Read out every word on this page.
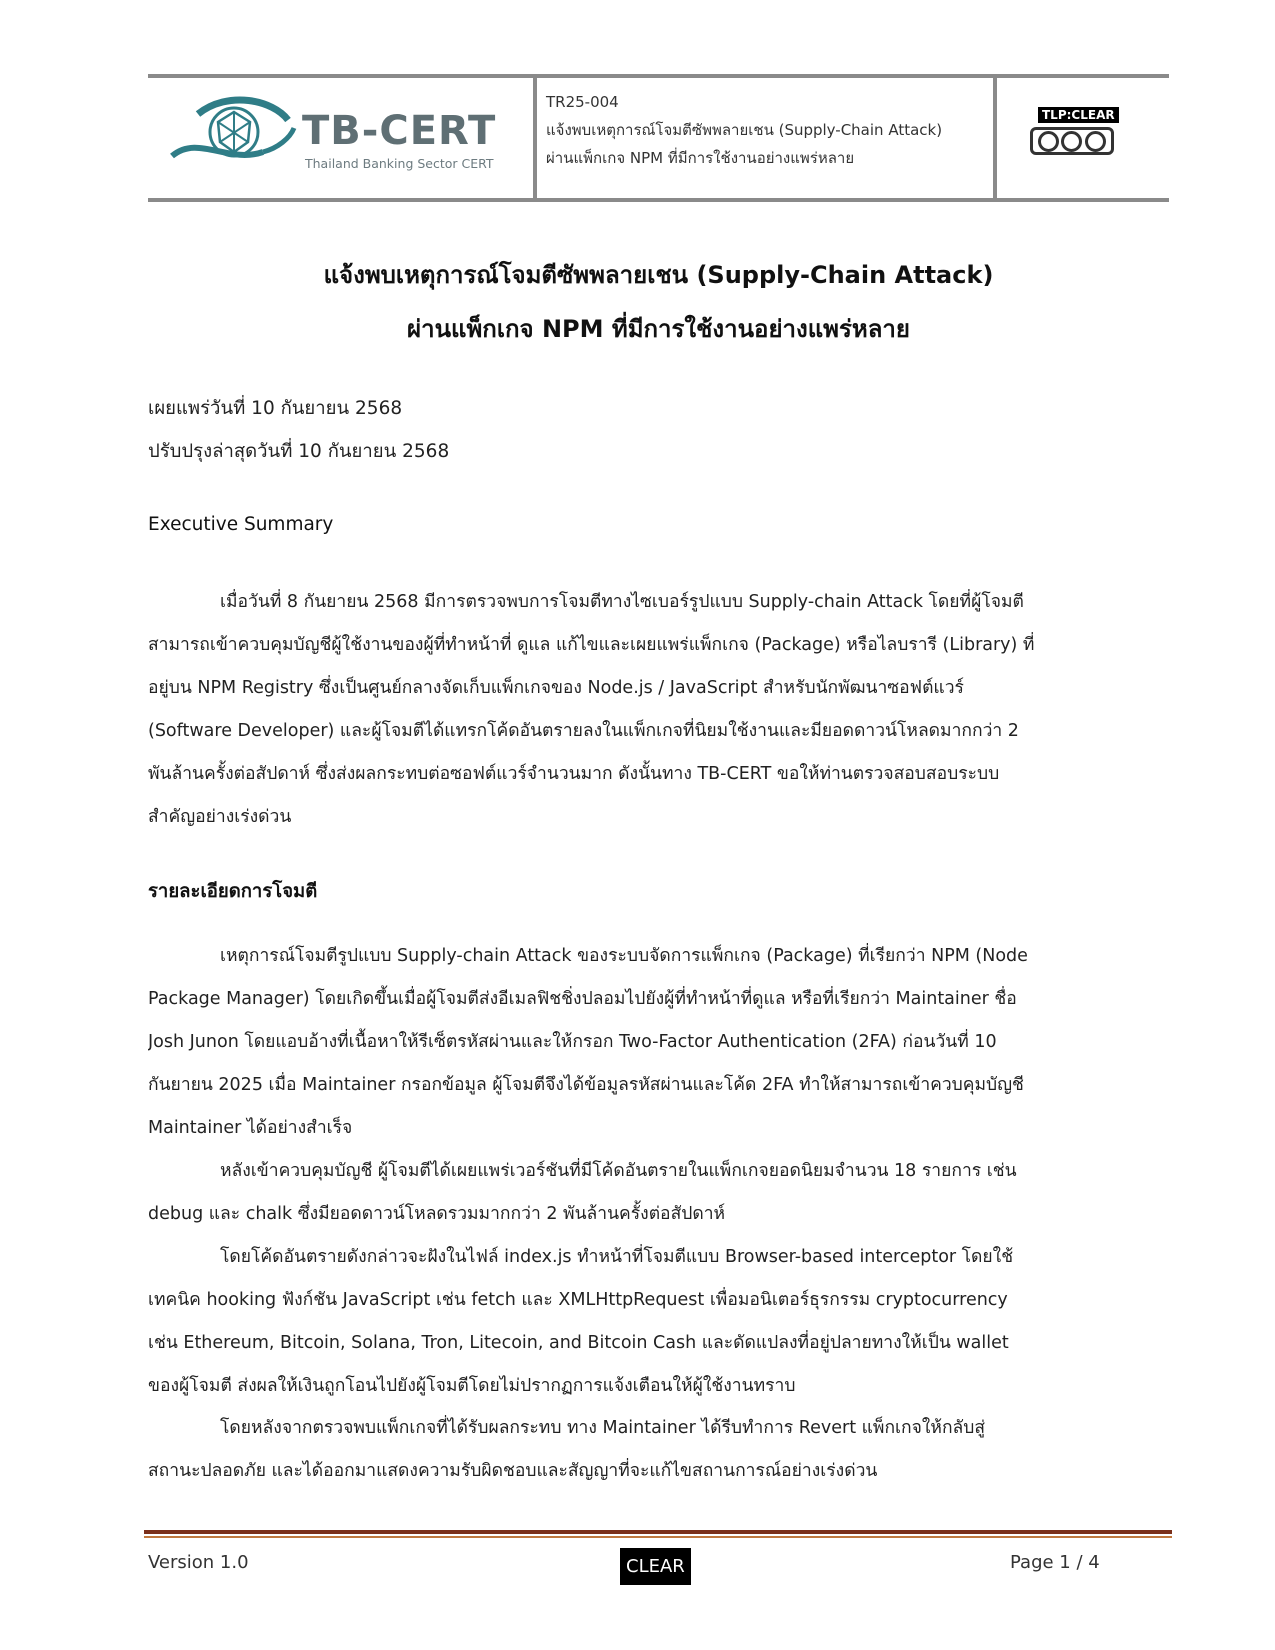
TB-CERT
Thailand Banking Sector CERT
TR25-004
แจ้งพบเหตุการณ์โจมตีซัพพลายเชน (Supply-Chain Attack)
ผ่านแพ็กเกจ NPM ที่มีการใช้งานอย่างแพร่หลาย
TLP:CLEAR
แจ้งพบเหตุการณ์โจมตีซัพพลายเชน (Supply-Chain Attack)
ผ่านแพ็กเกจ NPM ที่มีการใช้งานอย่างแพร่หลาย
เผยแพร่วันที่ 10 กันยายน 2568
ปรับปรุงล่าสุดวันที่ 10 กันยายน 2568
Executive Summary
เมื่อวันที่ 8 กันยายน 2568 มีการตรวจพบการโจมตีทางไซเบอร์รูปแบบ Supply-chain Attack โดยที่ผู้โจมตี
สามารถเข้าควบคุมบัญชีผู้ใช้งานของผู้ที่ทำหน้าที่ ดูแล แก้ไขและเผยแพร่แพ็กเกจ (Package) หรือไลบรารี (Library) ที่
อยู่บน NPM Registry ซึ่งเป็นศูนย์กลางจัดเก็บแพ็กเกจของ Node.js / JavaScript สำหรับนักพัฒนาซอฟต์แวร์
(Software Developer) และผู้โจมตีได้แทรกโค้ดอันตรายลงในแพ็กเกจที่นิยมใช้งานและมียอดดาวน์โหลดมากกว่า 2
พันล้านครั้งต่อสัปดาห์ ซึ่งส่งผลกระทบต่อซอฟต์แวร์จำนวนมาก ดังนั้นทาง TB-CERT ขอให้ท่านตรวจสอบสอบระบบ
สำคัญอย่างเร่งด่วน
รายละเอียดการโจมตี
เหตุการณ์โจมตีรูปแบบ Supply-chain Attack ของระบบจัดการแพ็กเกจ (Package) ที่เรียกว่า NPM (Node
Package Manager) โดยเกิดขึ้นเมื่อผู้โจมตีส่งอีเมลฟิชชิ่งปลอมไปยังผู้ที่ทำหน้าที่ดูแล หรือที่เรียกว่า Maintainer ชื่อ
Josh Junon โดยแอบอ้างที่เนื้อหาให้รีเซ็ตรหัสผ่านและให้กรอก Two-Factor Authentication (2FA) ก่อนวันที่ 10
กันยายน 2025 เมื่อ Maintainer กรอกข้อมูล ผู้โจมตีจึงได้ข้อมูลรหัสผ่านและโค้ด 2FA ทำให้สามารถเข้าควบคุมบัญชี
Maintainer ได้อย่างสำเร็จ
หลังเข้าควบคุมบัญชี ผู้โจมตีได้เผยแพร่เวอร์ชันที่มีโค้ดอันตรายในแพ็กเกจยอดนิยมจำนวน 18 รายการ เช่น
debug และ chalk ซึ่งมียอดดาวน์โหลดรวมมากกว่า 2 พันล้านครั้งต่อสัปดาห์
โดยโค้ดอันตรายดังกล่าวจะฝังในไฟล์ index.js ทำหน้าที่โจมตีแบบ Browser-based interceptor โดยใช้
เทคนิค hooking ฟังก์ชัน JavaScript เช่น fetch และ XMLHttpRequest เพื่อมอนิเตอร์ธุรกรรม cryptocurrency
เช่น Ethereum, Bitcoin, Solana, Tron, Litecoin, and Bitcoin Cash และดัดแปลงที่อยู่ปลายทางให้เป็น wallet
ของผู้โจมตี ส่งผลให้เงินถูกโอนไปยังผู้โจมตีโดยไม่ปรากฏการแจ้งเตือนให้ผู้ใช้งานทราบ
โดยหลังจากตรวจพบแพ็กเกจที่ได้รับผลกระทบ ทาง Maintainer ได้รีบทำการ Revert แพ็กเกจให้กลับสู่
สถานะปลอดภัย และได้ออกมาแสดงความรับผิดชอบและสัญญาที่จะแก้ไขสถานการณ์อย่างเร่งด่วน
Version 1.0	CLEAR	Page 1 / 4
